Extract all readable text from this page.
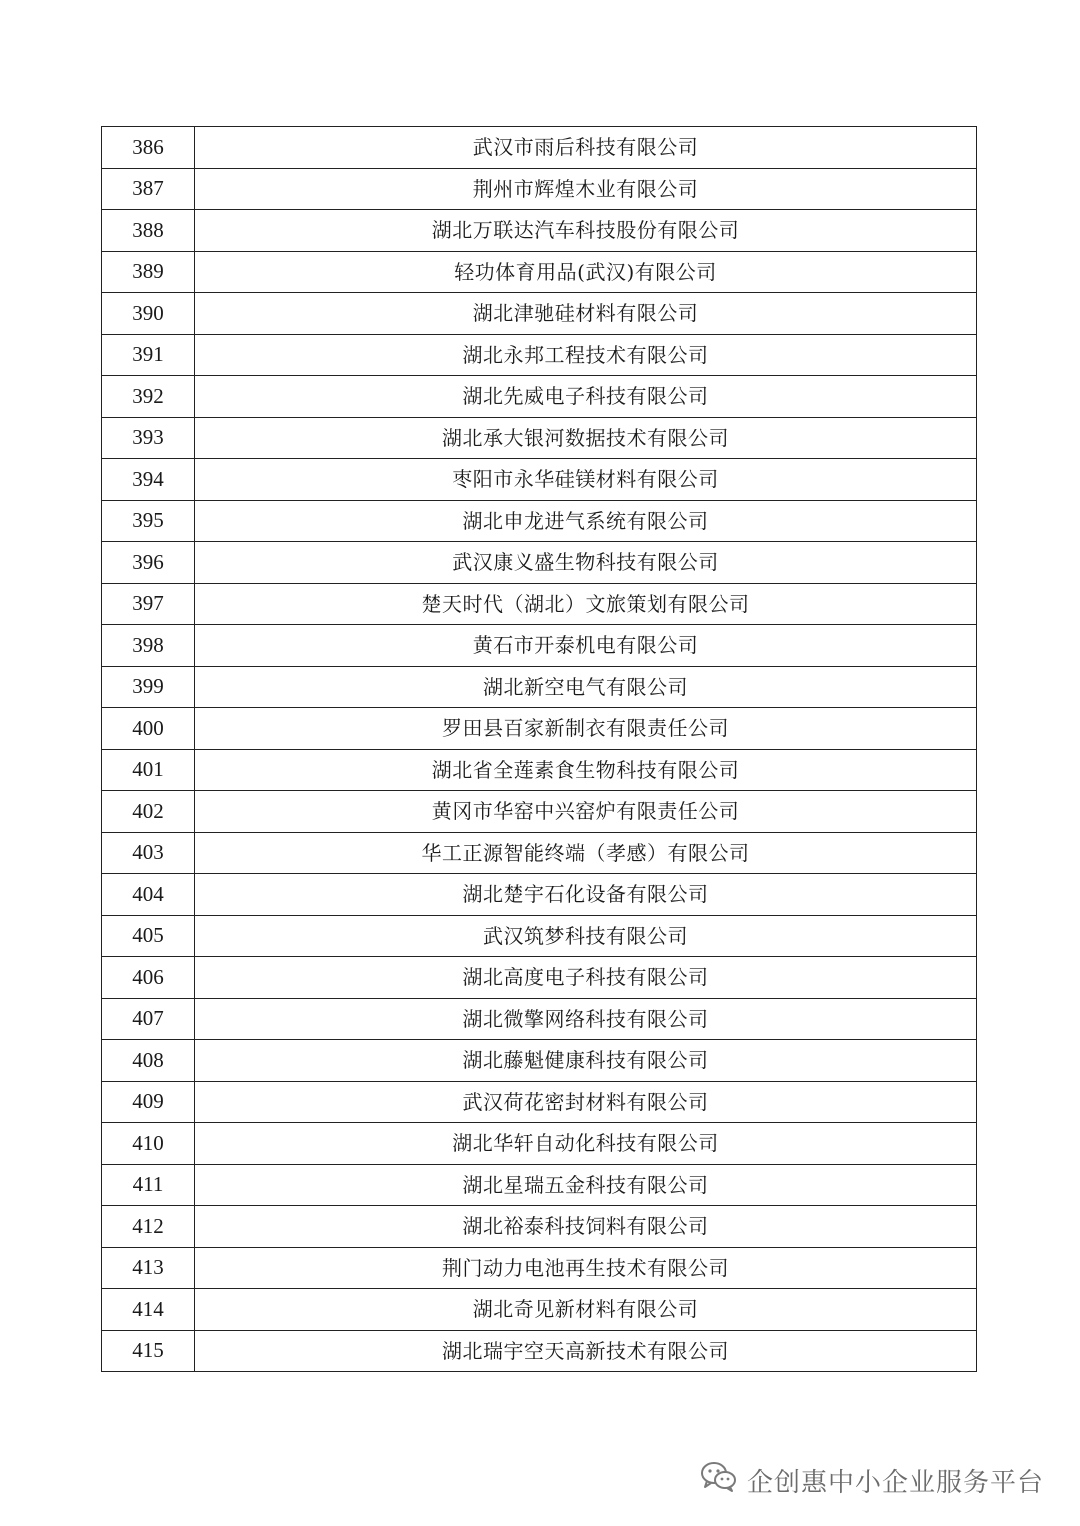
386	武汉市雨后科技有限公司
387	荆州市辉煌木业有限公司
388	湖北万联达汽车科技股份有限公司
389	轻功体育用品(武汉)有限公司
390	湖北津驰硅材料有限公司
391	湖北永邦工程技术有限公司
392	湖北先威电子科技有限公司
393	湖北承大银河数据技术有限公司
394	枣阳市永华硅镁材料有限公司
395	湖北申龙进气系统有限公司
396	武汉康义盛生物科技有限公司
397	楚天时代（湖北）文旅策划有限公司
398	黄石市开泰机电有限公司
399	湖北新空电气有限公司
400	罗田县百家新制衣有限责任公司
401	湖北省全莲素食生物科技有限公司
402	黄冈市华窑中兴窑炉有限责任公司
403	华工正源智能终端（孝感）有限公司
404	湖北楚宇石化设备有限公司
405	武汉筑梦科技有限公司
406	湖北高度电子科技有限公司
407	湖北微擎网络科技有限公司
408	湖北藤魁健康科技有限公司
409	武汉荷花密封材料有限公司
410	湖北华轩自动化科技有限公司
411	湖北星瑞五金科技有限公司
412	湖北裕泰科技饲料有限公司
413	荆门动力电池再生技术有限公司
414	湖北奇见新材料有限公司
415	湖北瑞宇空天高新技术有限公司
企创惠中小企业服务平台
